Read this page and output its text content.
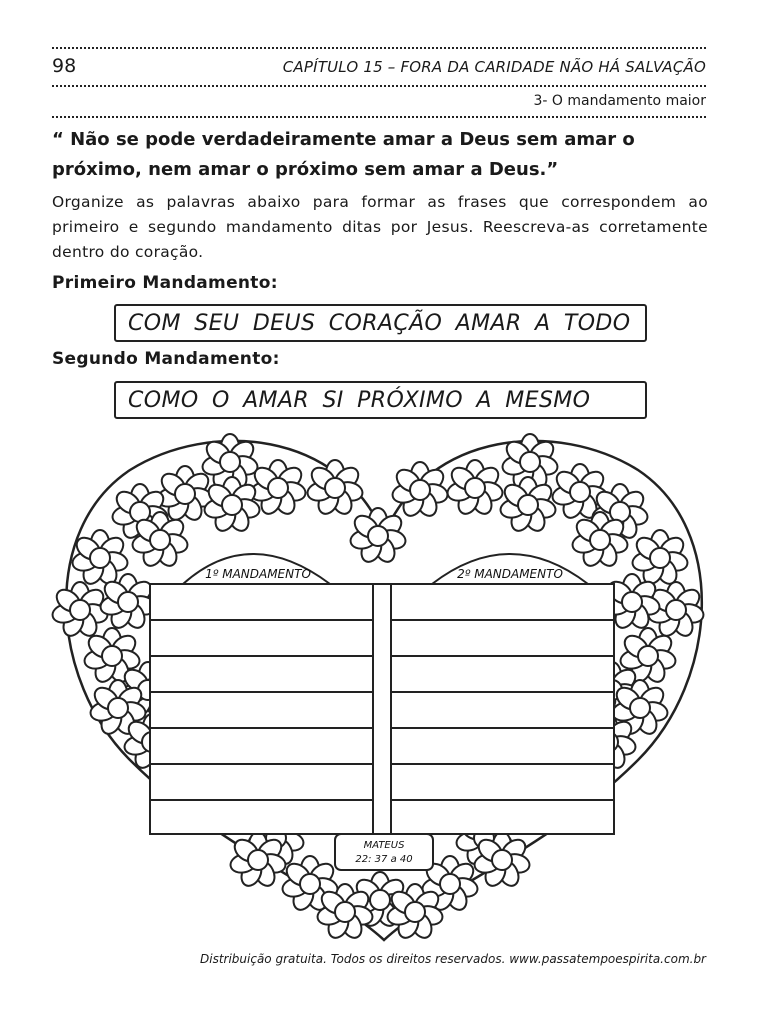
98	CAPÍTULO 15 – FORA DA CARIDADE NÃO HÁ SALVAÇÃO
3- O mandamento maior
“ Não se pode verdadeiramente amar a Deus sem amar o próximo, nem amar o próximo sem amar a Deus.”
Organize as palavras abaixo para formar as frases que correspondem ao primeiro e segundo mandamento ditas por Jesus. Reescreva-as corretamente dentro do coração.
Primeiro Mandamento:
COM SEU DEUS CORAÇÃO AMAR A TODO
Segundo Mandamento:
COMO O AMAR SI PRÓXIMO A MESMO
1º MANDAMENTO	2º MANDAMENTO
MATEUS
22: 37 a 40
Distribuição gratuita. Todos os direitos reservados. www.passatempoespirita.com.br
